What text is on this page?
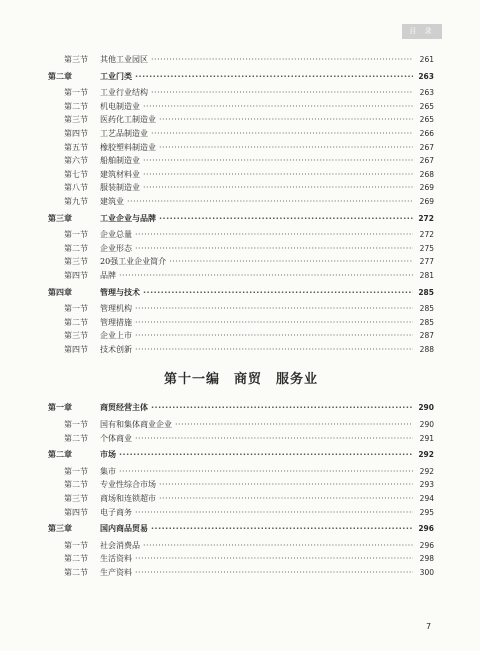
目 录
第三节	其他工业园区 ·····	261
第二章	工业门类 ·····	263
第一节	工业行业结构 ·····	263
第二节	机电制造业 ·····	265
第三节	医药化工制造业 ·····	265
第四节	工艺品制造业 ·····	266
第五节	橡胶塑料制造业 ·····	267
第六节	船舶制造业 ·····	267
第七节	建筑材料业 ·····	268
第八节	服装制造业 ·····	269
第九节	建筑业 ·····	269
第三章	工业企业与品牌 ·····	272
第一节	企业总量 ·····	272
第二节	企业形态 ·····	275
第三节	20强工业企业简介 ·····	277
第四节	品牌 ·····	281
第四章	管理与技术 ·····	285
第一节	管理机构 ·····	285
第二节	管理措施 ·····	285
第三节	企业上市 ·····	287
第四节	技术创新 ·····	288
第十一编　商贸　服务业
第一章	商贸经营主体 ·····	290
第一节	国有和集体商业企业 ·····	290
第二节	个体商业 ·····	291
第二章	市场 ·····	292
第一节	集市 ·····	292
第二节	专业性综合市场 ·····	293
第三节	商场和连锁超市 ·····	294
第四节	电子商务 ·····	295
第三章	国内商品贸易 ·····	296
第一节	社会消费品 ·····	296
第二节	生活资料 ·····	298
第二节	生产资料 ·····	300
7
